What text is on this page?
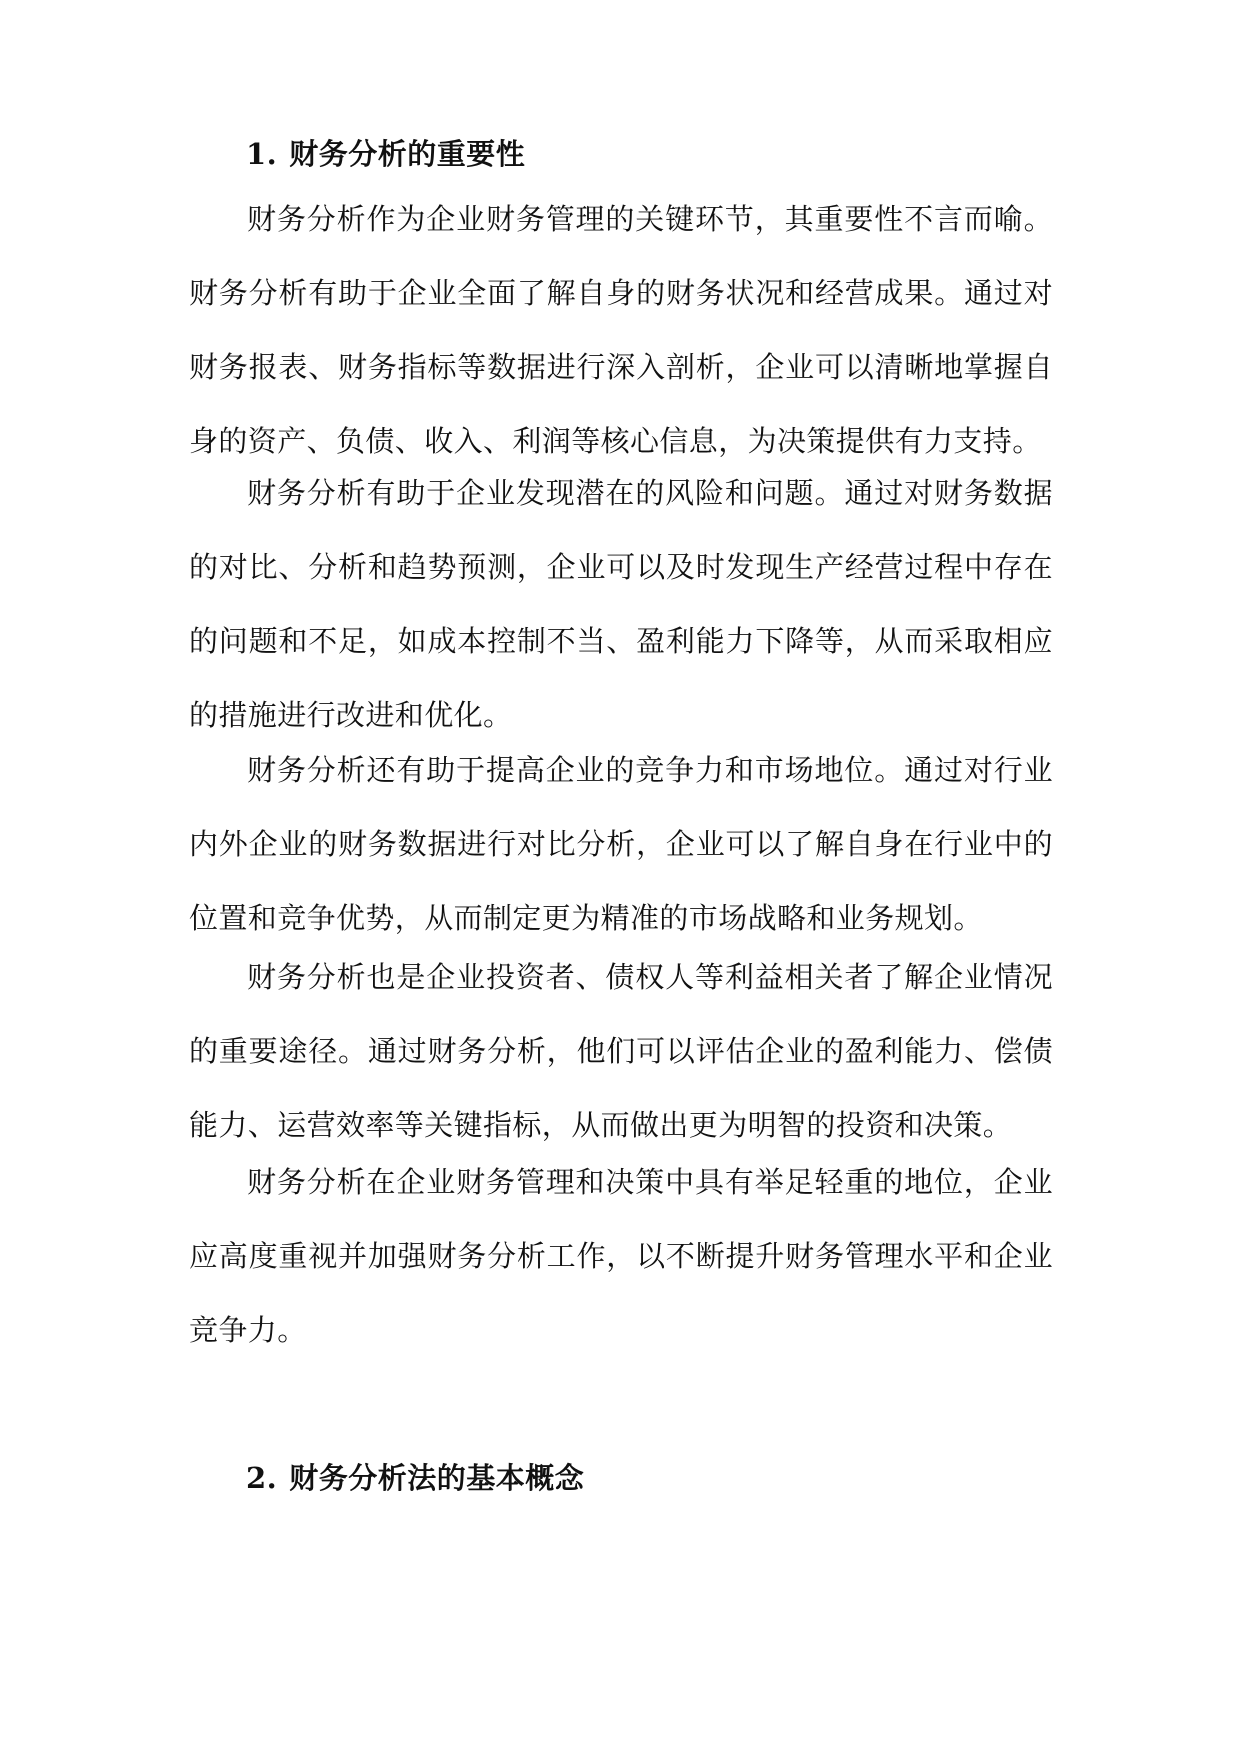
1. 财务分析的重要性

财务分析作为企业财务管理的关键环节，其重要性不言而喻。财务分析有助于企业全面了解自身的财务状况和经营成果。通过对财务报表、财务指标等数据进行深入剖析，企业可以清晰地掌握自身的资产、负债、收入、利润等核心信息，为决策提供有力支持。

财务分析有助于企业发现潜在的风险和问题。通过对财务数据的对比、分析和趋势预测，企业可以及时发现生产经营过程中存在的问题和不足，如成本控制不当、盈利能力下降等，从而采取相应的措施进行改进和优化。

财务分析还有助于提高企业的竞争力和市场地位。通过对行业内外企业的财务数据进行对比分析，企业可以了解自身在行业中的位置和竞争优势，从而制定更为精准的市场战略和业务规划。

财务分析也是企业投资者、债权人等利益相关者了解企业情况的重要途径。通过财务分析，他们可以评估企业的盈利能力、偿债能力、运营效率等关键指标，从而做出更为明智的投资和决策。

财务分析在企业财务管理和决策中具有举足轻重的地位，企业应高度重视并加强财务分析工作，以不断提升财务管理水平和企业竞争力。

2. 财务分析法的基本概念
